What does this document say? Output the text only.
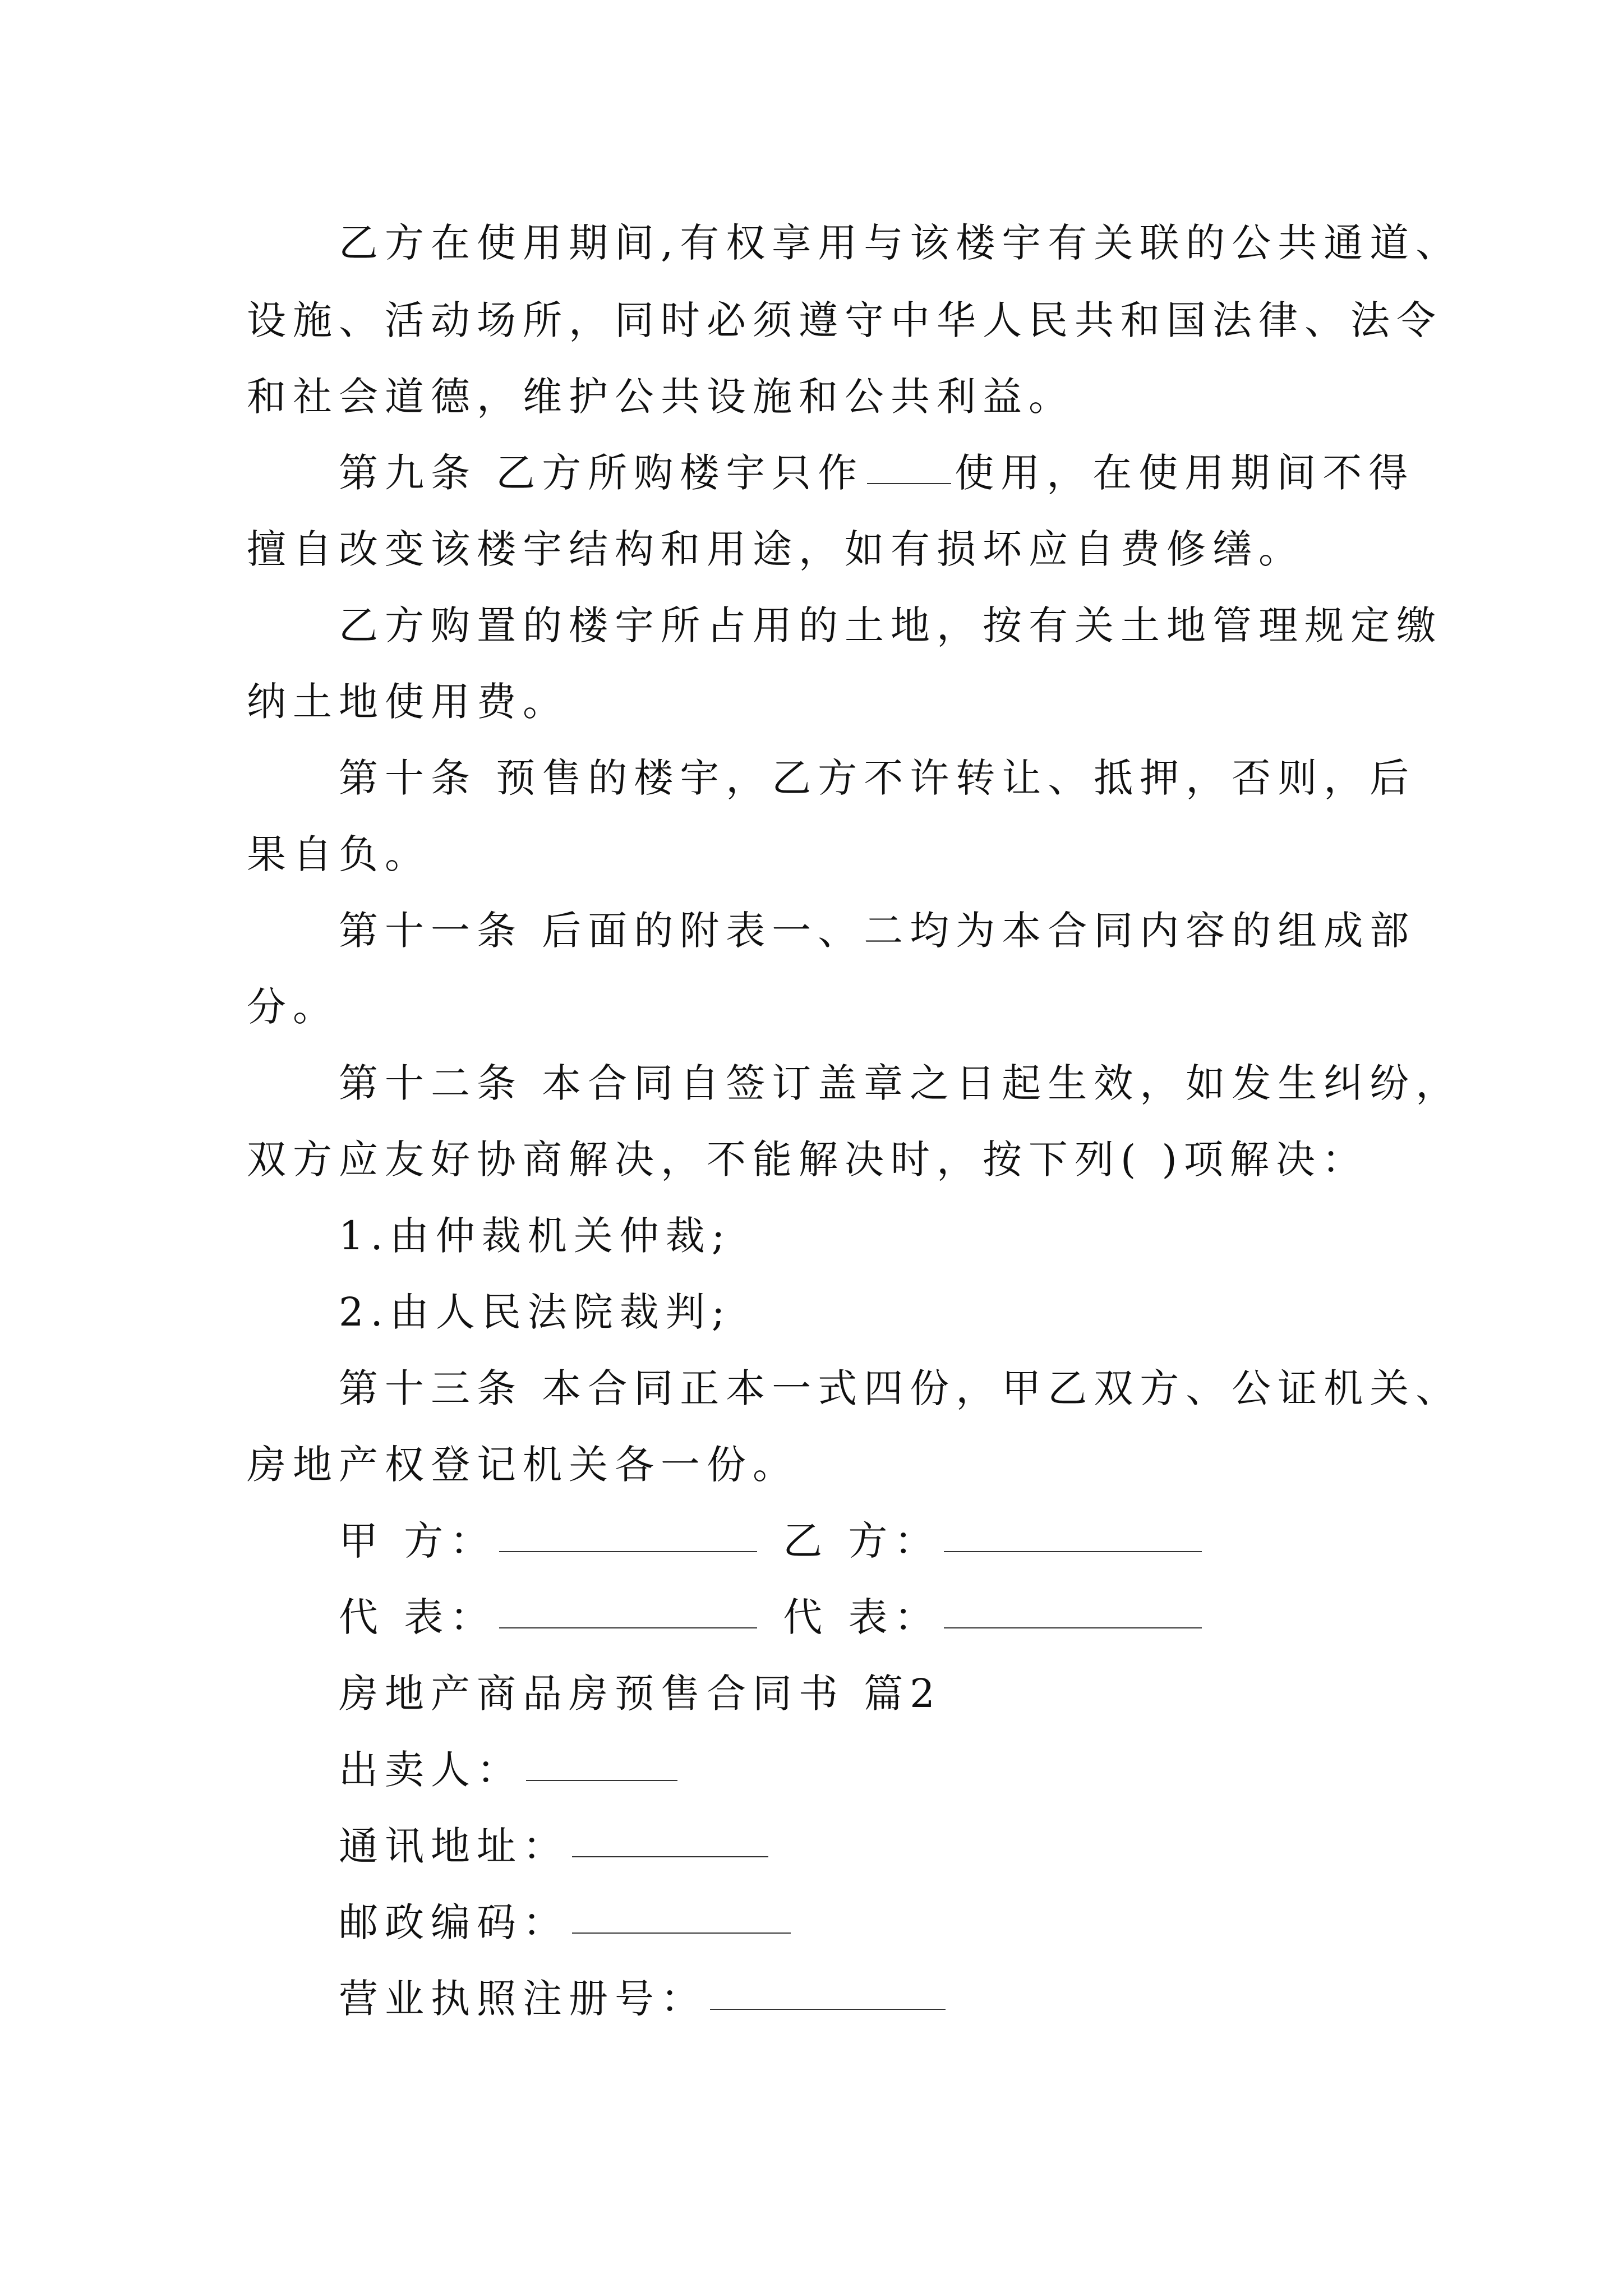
乙方在使用期间,有权享用与该楼宇有关联的公共通道、
设施、活动场所，同时必须遵守中华人民共和国法律、法令
和社会道德，维护公共设施和公共利益。
第九条 乙方所购楼宇只作 使用，在使用期间不得
擅自改变该楼宇结构和用途，如有损坏应自费修缮。
乙方购置的楼宇所占用的土地，按有关土地管理规定缴
纳土地使用费。
第十条 预售的楼宇，乙方不许转让、抵押，否则，后
果自负。
第十一条 后面的附表一、二均为本合同内容的组成部
分。
第十二条 本合同自签订盖章之日起生效，如发生纠纷，
双方应友好协商解决，不能解决时，按下列( )项解决：
1.由仲裁机关仲裁;
2.由人民法院裁判;
第十三条 本合同正本一式四份，甲乙双方、公证机关、
房地产权登记机关各一份。
甲 方：	乙 方：
代 表：	代 表：
房地产商品房预售合同书 篇2
出卖人：
通讯地址：
邮政编码：
营业执照注册号：
